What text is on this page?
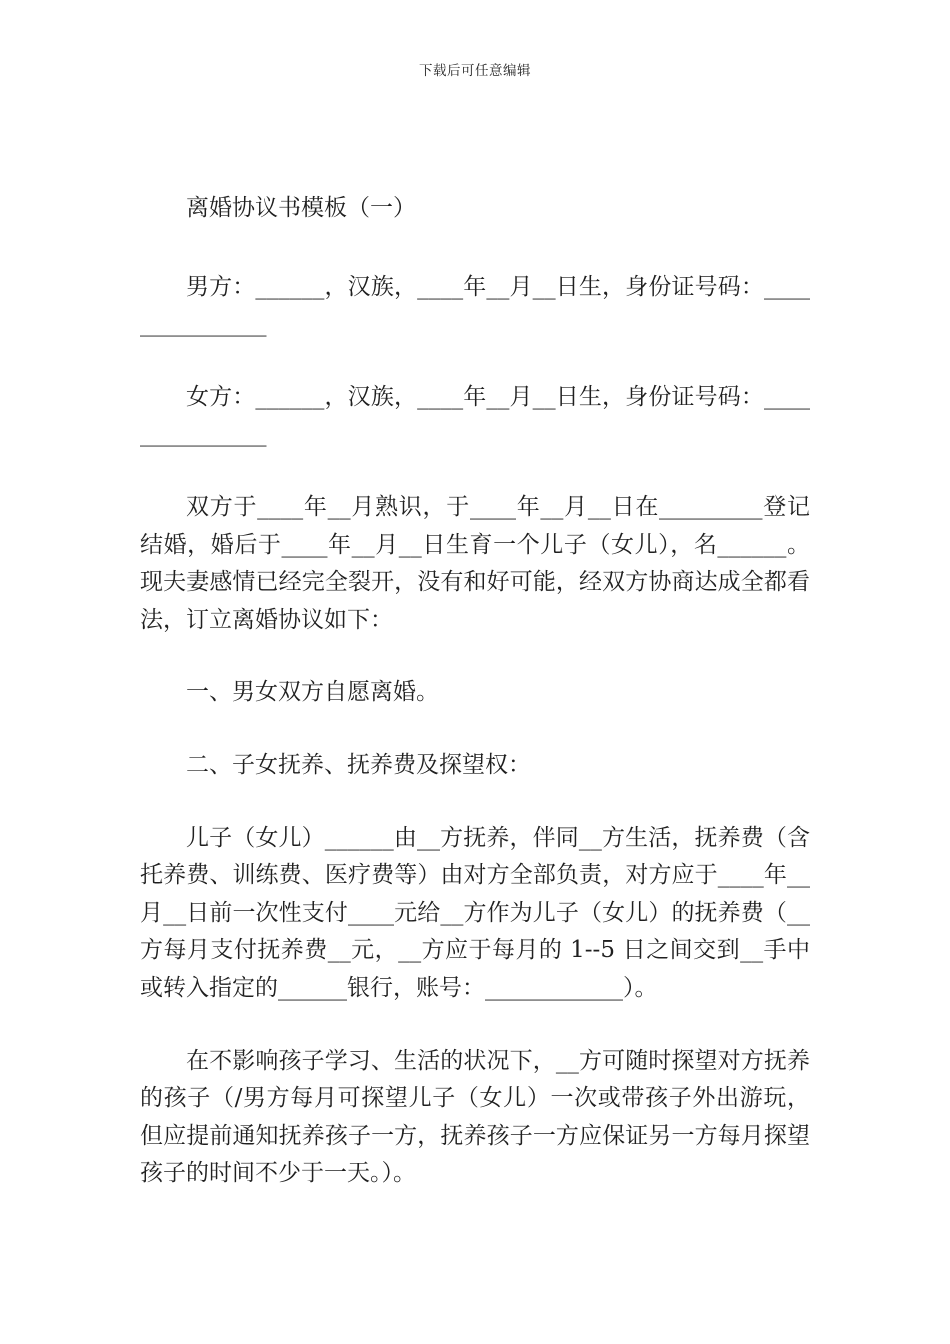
下载后可任意编辑

离婚协议书模板（一）

男方：______，汉族，____年__月__日生，身份证号码：_______________

女方：______，汉族，____年__月__日生，身份证号码：_______________

双方于____年__月熟识，于____年__月__日在_________登记结婚，婚后于____年__月__日生育一个儿子（女儿），名______。现夫妻感情已经完全裂开，没有和好可能，经双方协商达成全都看法，订立离婚协议如下：

一、男女双方自愿离婚。

二、子女抚养、抚养费及探望权：

儿子（女儿）______由__方抚养，伴同__方生活，抚养费（含托养费、训练费、医疗费等）由对方全部负责，对方应于____年__月__日前一次性支付____元给__方作为儿子（女儿）的抚养费（__方每月支付抚养费__元，__方应于每月的 1--5 日之间交到__手中或转入指定的______银行，账号：____________）。

在不影响孩子学习、生活的状况下，__方可随时探望对方抚养的孩子（/男方每月可探望儿子（女儿）一次或带孩子外出游玩，但应提前通知抚养孩子一方，抚养孩子一方应保证另一方每月探望孩子的时间不少于一天。）。
